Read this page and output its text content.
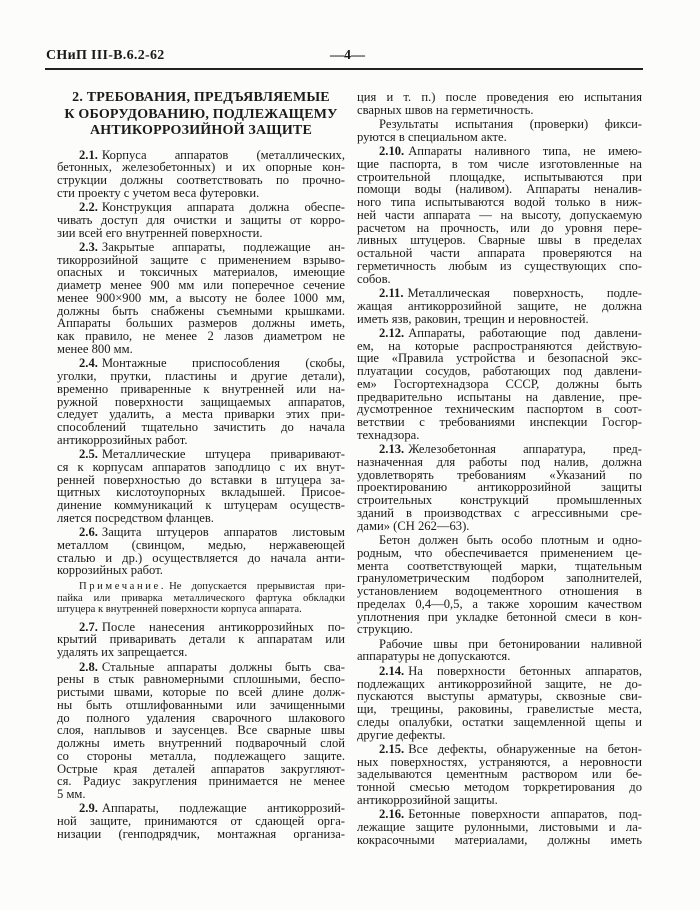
СНиП III-В.6.2-62	—4—
2. ТРЕБОВАНИЯ, ПРЕДЪЯВЛЯЕМЫЕ
К ОБОРУДОВАНИЮ, ПОДЛЕЖАЩЕМУ
АНТИКОРРОЗИЙНОЙ ЗАЩИТЕ
2.1. Корпуса аппаратов (металлических,
бетонных, железобетонных) и их опорные кон-
струкции должны соответствовать по прочно-
сти проекту с учетом веса футеровки.
2.2. Конструкция аппарата должна обеспе-
чивать доступ для очистки и защиты от корро-
зии всей его внутренней поверхности.
2.3. Закрытые аппараты, подлежащие ан-
тикоррозийной защите с применением взрыво-
опасных и токсичных материалов, имеющие
диаметр менее 900 мм или поперечное сечение
менее 900×900 мм, а высоту не более 1000 мм,
должны быть снабжены съемными крышками.
Аппараты больших размеров должны иметь,
как правило, не менее 2 лазов диаметром не
менее 800 мм.
2.4. Монтажные приспособления (скобы,
уголки, прутки, пластины и другие детали),
временно приваренные к внутренней или на-
ружной поверхности защищаемых аппаратов,
следует удалить, а места приварки этих при-
способлений тщательно зачистить до начала
антикоррозийных работ.
2.5. Металлические штуцера приваривают-
ся к корпусам аппаратов заподлицо с их внут-
ренней поверхностью до вставки в штуцера за-
щитных кислотоупорных вкладышей. Присое-
динение коммуникаций к штуцерам осуществ-
ляется посредством фланцев.
2.6. Защита штуцеров аппаратов листовым
металлом (свинцом, медью, нержавеющей
сталью и др.) осуществляется до начала анти-
коррозийных работ.
Примечание. Не допускается прерывистая при-
пайка или приварка металлического фартука обкладки
штуцера к внутренней поверхности корпуса аппарата.
2.7. После нанесения антикоррозийных по-
крытий приваривать детали к аппаратам или
удалять их запрещается.
2.8. Стальные аппараты должны быть сва-
рены в стык равномерными сплошными, беспо-
ристыми швами, которые по всей длине долж-
ны быть отшлифованными или зачищенными
до полного удаления сварочного шлакового
слоя, наплывов и заусенцев. Все сварные швы
должны иметь внутренний подварочный слой
со стороны металла, подлежащего защите.
Острые края деталей аппаратов закругляют-
ся. Радиус закругления принимается не менее
5 мм.
2.9. Аппараты, подлежащие антикоррозий-
ной защите, принимаются от сдающей орга-
низации (генподрядчик, монтажная организа-
ция и т. п.) после проведения ею испытания
сварных швов на герметичность.
Результаты испытания (проверки) фикси-
руются в специальном акте.
2.10. Аппараты наливного типа, не имею-
щие паспорта, в том числе изготовленные на
строительной площадке, испытываются при
помощи воды (наливом). Аппараты неналив-
ного типа испытываются водой только в ниж-
ней части аппарата — на высоту, допускаемую
расчетом на прочность, или до уровня пере-
ливных штуцеров. Сварные швы в пределах
остальной части аппарата проверяются на
герметичность любым из существующих спо-
собов.
2.11. Металлическая поверхность, подле-
жащая антикоррозийной защите, не должна
иметь язв, раковин, трещин и неровностей.
2.12. Аппараты, работающие под давлени-
ем, на которые распространяются действую-
щие «Правила устройства и безопасной экс-
плуатации сосудов, работающих под давлени-
ем» Госгортехнадзора СССР, должны быть
предварительно испытаны на давление, пре-
дусмотренное техническим паспортом в соот-
ветствии с требованиями инспекции Госгор-
технадзора.
2.13. Железобетонная аппаратура, пред-
назначенная для работы под налив, должна
удовлетворять требованиям «Указаний по
проектированию антикоррозийной защиты
строительных конструкций промышленных
зданий в производствах с агрессивными сре-
дами» (СН 262—63).
Бетон должен быть особо плотным и одно-
родным, что обеспечивается применением це-
мента соответствующей марки, тщательным
гранулометрическим подбором заполнителей,
установлением водоцементного отношения в
пределах 0,4—0,5, а также хорошим качеством
уплотнения при укладке бетонной смеси в кон-
струкцию.
Рабочие швы при бетонировании наливной
аппаратуры не допускаются.
2.14. На поверхности бетонных аппаратов,
подлежащих антикоррозийной защите, не до-
пускаются выступы арматуры, сквозные сви-
щи, трещины, раковины, гравелистые места,
следы опалубки, остатки защемленной щепы и
другие дефекты.
2.15. Все дефекты, обнаруженные на бетон-
ных поверхностях, устраняются, а неровности
заделываются цементным раствором или бе-
тонной смесью методом торкретирования до
антикоррозийной защиты.
2.16. Бетонные поверхности аппаратов, под-
лежащие защите рулонными, листовыми и ла-
кокрасочными материалами, должны иметь
